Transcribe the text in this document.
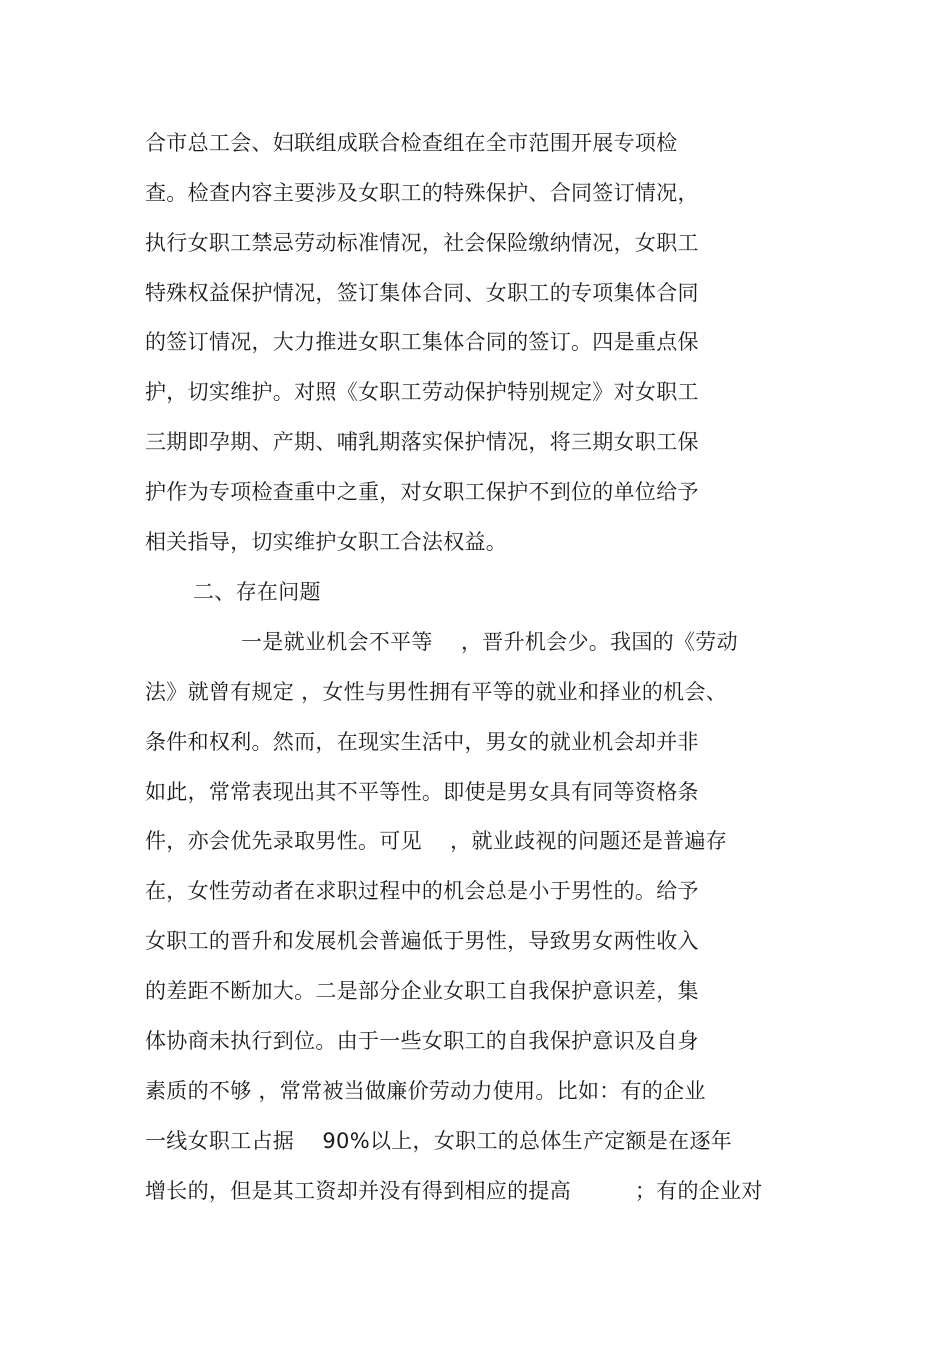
合市总工会、妇联组成联合检查组在全市范围开展专项检
查。检查内容主要涉及女职工的特殊保护、合同签订情况，
执行女职工禁忌劳动标准情况，社会保险缴纳情况，女职工
特殊权益保护情况，签订集体合同、女职工的专项集体合同
的签订情况，大力推进女职工集体合同的签订。四是重点保
护，切实维护。对照《女职工劳动保护特别规定》对女职工
三期即孕期、产期、哺乳期落实保护情况，将三期女职工保
护作为专项检查重中之重，对女职工保护不到位的单位给予
相关指导，切实维护女职工合法权益。
二、存在问题
一是就业机会不平等　 ，晋升机会少。我国的《劳动
法》就曾有规定 ，女性与男性拥有平等的就业和择业的机会、
条件和权利。然而，在现实生活中，男女的就业机会却并非
如此，常常表现出其不平等性。即使是男女具有同等资格条
件，亦会优先录取男性。可见　 ，就业歧视的问题还是普遍存
在，女性劳动者在求职过程中的机会总是小于男性的。给予
女职工的晋升和发展机会普遍低于男性，导致男女两性收入
的差距不断加大。二是部分企业女职工自我保护意识差，集
体协商未执行到位。由于一些女职工的自我保护意识及自身
素质的不够 ，常常被当做廉价劳动力使用。比如：有的企业
一线女职工占据　 90%以上，女职工的总体生产定额是在逐年
增长的，但是其工资却并没有得到相应的提高　　　；有的企业对
